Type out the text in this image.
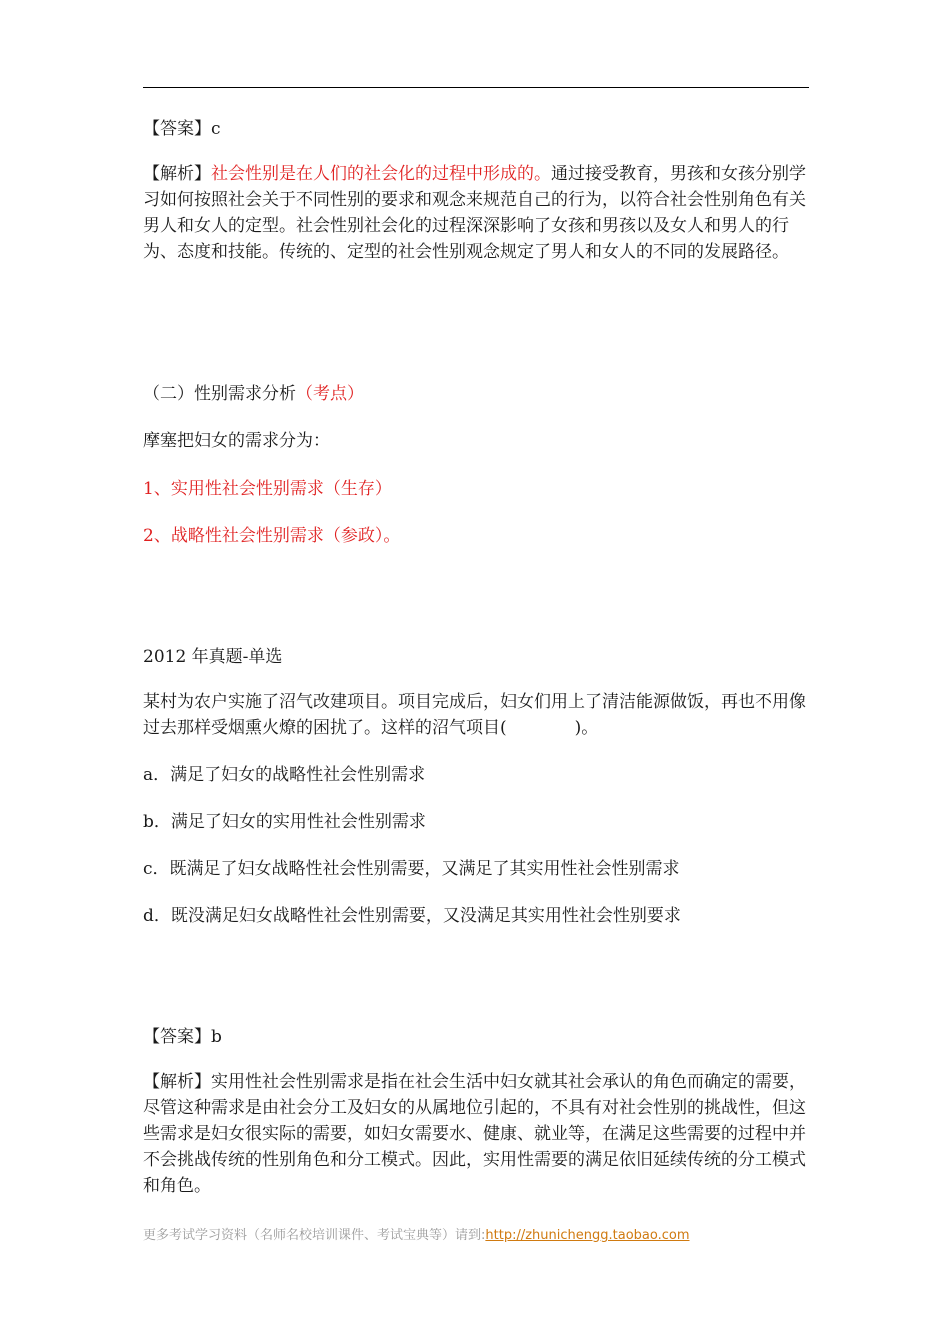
【答案】c
【解析】社会性别是在人们的社会化的过程中形成的。通过接受教育，男孩和女孩分别学习如何按照社会关于不同性别的要求和观念来规范自己的行为，以符合社会性别角色有关男人和女人的定型。社会性别社会化的过程深深影响了女孩和男孩以及女人和男人的行为、态度和技能。传统的、定型的社会性别观念规定了男人和女人的不同的发展路径。
（二）性别需求分析（考点）
摩塞把妇女的需求分为：
1、实用性社会性别需求（生存）
2、战略性社会性别需求（参政）。
2012 年真题-单选
某村为农户实施了沼气改建项目。项目完成后，妇女们用上了清洁能源做饭，再也不用像过去那样受烟熏火燎的困扰了。这样的沼气项目(　　　　)。
a．满足了妇女的战略性社会性别需求
b．满足了妇女的实用性社会性别需求
c．既满足了妇女战略性社会性别需要，又满足了其实用性社会性别需求
d．既没满足妇女战略性社会性别需要，又没满足其实用性社会性别要求
【答案】b
【解析】实用性社会性别需求是指在社会生活中妇女就其社会承认的角色而确定的需要，尽管这种需求是由社会分工及妇女的从属地位引起的，不具有对社会性别的挑战性，但这些需求是妇女很实际的需要，如妇女需要水、健康、就业等，在满足这些需要的过程中并不会挑战传统的性别角色和分工模式。因此，实用性需要的满足依旧延续传统的分工模式和角色。
更多考试学习资料（名师名校培训课件、考试宝典等）请到:http://zhunichengg.taobao.com
